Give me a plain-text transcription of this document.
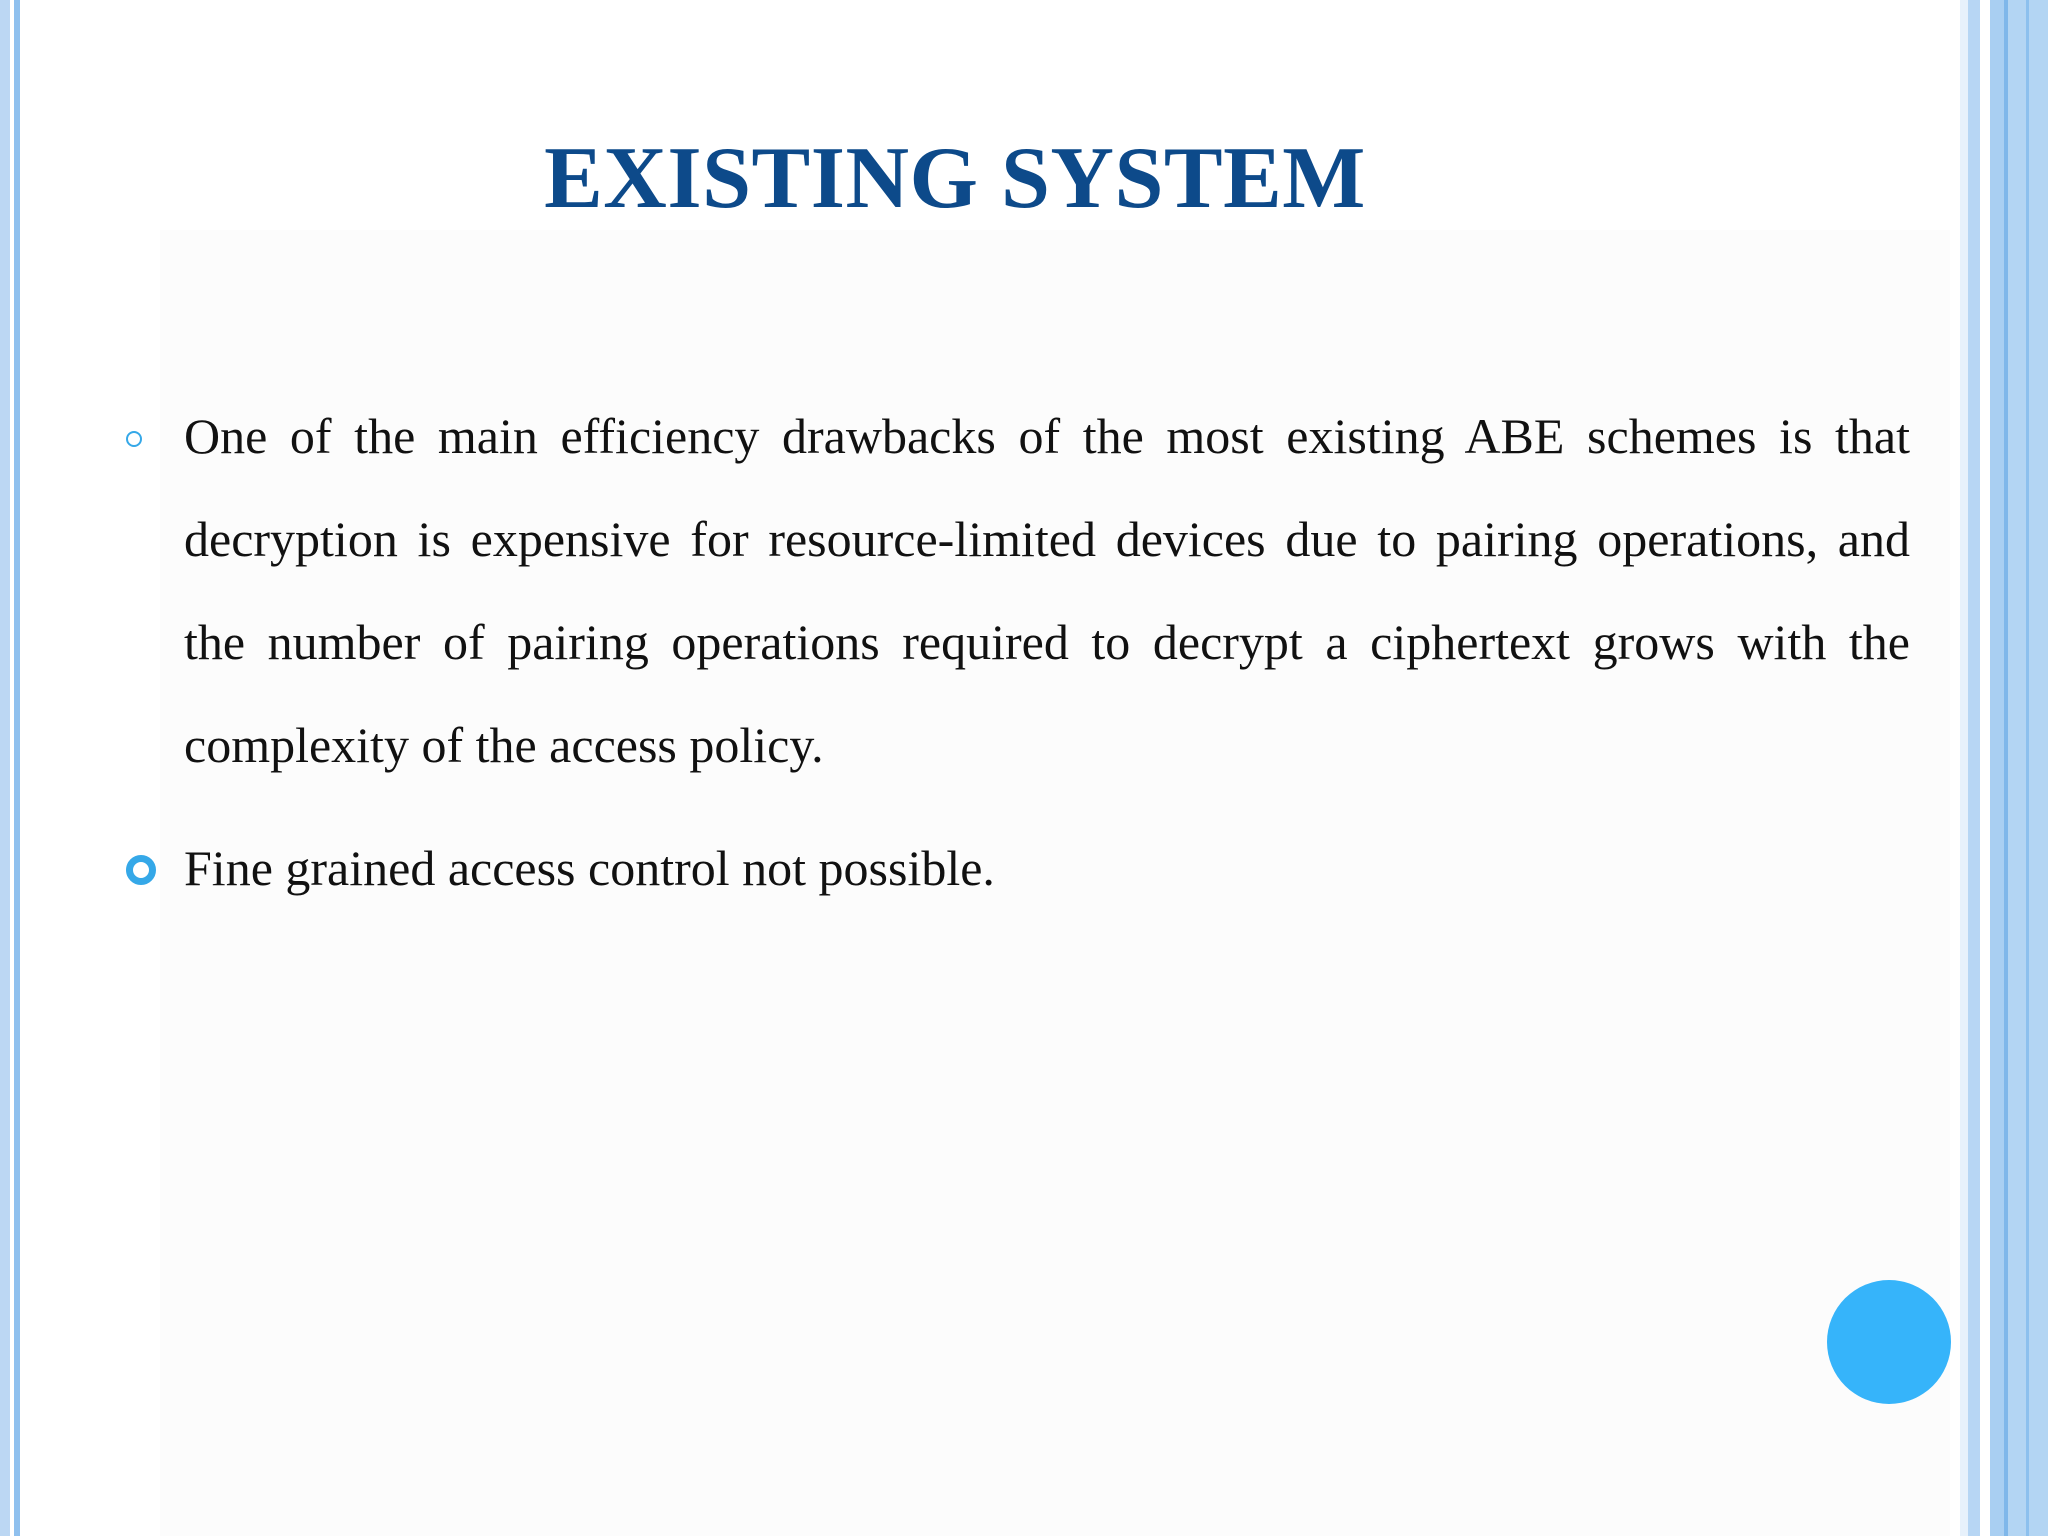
EXISTING SYSTEM
One of the main efficiency drawbacks of the most existing ABE schemes is that decryption is expensive for resource-limited devices due to pairing operations, and the number of pairing operations required to decrypt a ciphertext grows with the complexity of the access policy.
Fine grained access control not possible.
